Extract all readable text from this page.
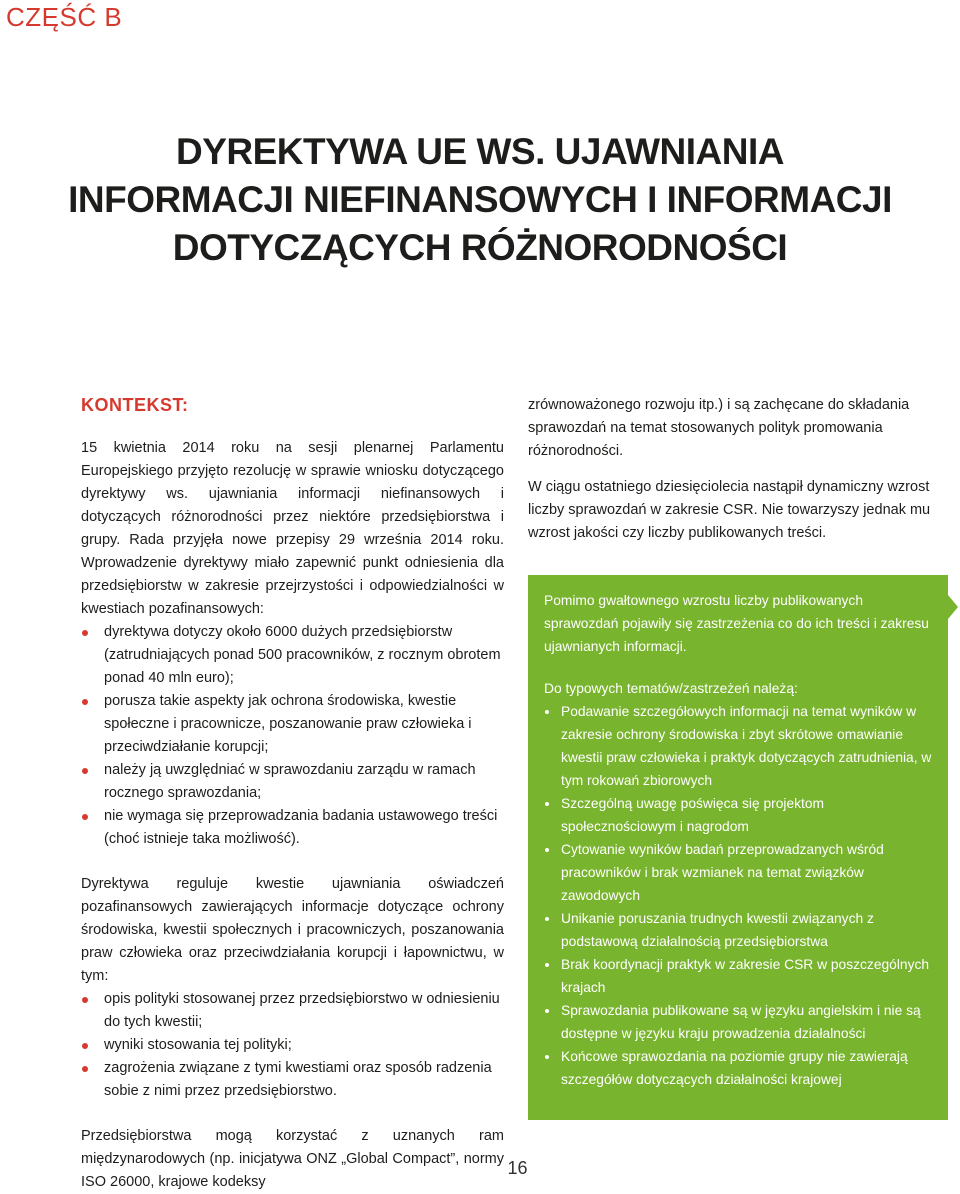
CZĘŚĆ B
DYREKTYWA UE WS. UJAWNIANIA
INFORMACJI NIEFINANSOWYCH I INFORMACJI
DOTYCZĄCYCH RÓŻNORODNOŚCI
KONTEKST:

15 kwietnia 2014 roku na sesji plenarnej Parlamentu Europejskiego przyjęto rezolucję w sprawie wniosku dotyczącego dyrektywy ws. ujawniania informacji niefinansowych i dotyczących różnorodności przez niektóre przedsiębiorstwa i grupy. Rada przyjęła nowe przepisy 29 września 2014 roku. Wprowadzenie dyrektywy miało zapewnić punkt odniesienia dla przedsiębiorstw w zakresie przejrzystości i odpowiedzialności w kwestiach pozafinansowych:

dyrektywa dotyczy około 6000 dużych przedsiębiorstw (zatrudniających ponad 500 pracowników, z rocznym obrotem ponad 40 mln euro);
porusza takie aspekty jak ochrona środowiska, kwestie społeczne i pracownicze, poszanowanie praw człowieka i przeciwdziałanie korupcji;
należy ją uwzględniać w sprawozdaniu zarządu w ramach rocznego sprawozdania;
nie wymaga się przeprowadzania badania ustawowego treści (choć istnieje taka możliwość).

Dyrektywa reguluje kwestie ujawniania oświadczeń pozafinansowych zawierających informacje dotyczące ochrony środowiska, kwestii społecznych i pracowniczych, poszanowania praw człowieka oraz przeciwdziałania korupcji i łapownictwu, w tym:

opis polityki stosowanej przez przedsiębiorstwo w odniesieniu do tych kwestii;
wyniki stosowania tej polityki;
zagrożenia związane z tymi kwestiami oraz sposób radzenia sobie z nimi przez przedsiębiorstwo.

Przedsiębiorstwa mogą korzystać z uznanych ram międzynarodowych (np. inicjatywa ONZ „Global Compact”, normy ISO 26000, krajowe kodeksy

zrównoważonego rozwoju itp.) i są zachęcane do składania sprawozdań na temat stosowanych polityk promowania różnorodności.

W ciągu ostatniego dziesięciolecia nastąpił dynamiczny wzrost liczby sprawozdań w zakresie CSR. Nie towarzyszy jednak mu wzrost jakości czy liczby publikowanych treści.

Pomimo gwałtownego wzrostu liczby publikowanych sprawozdań pojawiły się zastrzeżenia co do ich treści i zakresu ujawnianych informacji.

Do typowych tematów/zastrzeżeń należą:

Podawanie szczegółowych informacji na temat wyników w zakresie ochrony środowiska i zbyt skrótowe omawianie kwestii praw człowieka i praktyk dotyczących zatrudnienia, w tym rokowań zbiorowych
Szczególną uwagę poświęca się projektom społecznościowym i nagrodom
Cytowanie wyników badań przeprowadzanych wśród pracowników i brak wzmianek na temat związków zawodowych
Unikanie poruszania trudnych kwestii związanych z podstawową działalnością przedsiębiorstwa
Brak koordynacji praktyk w zakresie CSR w poszczególnych krajach
Sprawozdania publikowane są w języku angielskim i nie są dostępne w języku kraju prowadzenia działalności
Końcowe sprawozdania na poziomie grupy nie zawierają szczegółów dotyczących działalności krajowej

UWAGA: Na stronie Database.globalreporting.org znajduje się centralna baza zawierająca ponad 20 000 sprawozdań nadesłanych przez ponad 7000 organizacji

16
